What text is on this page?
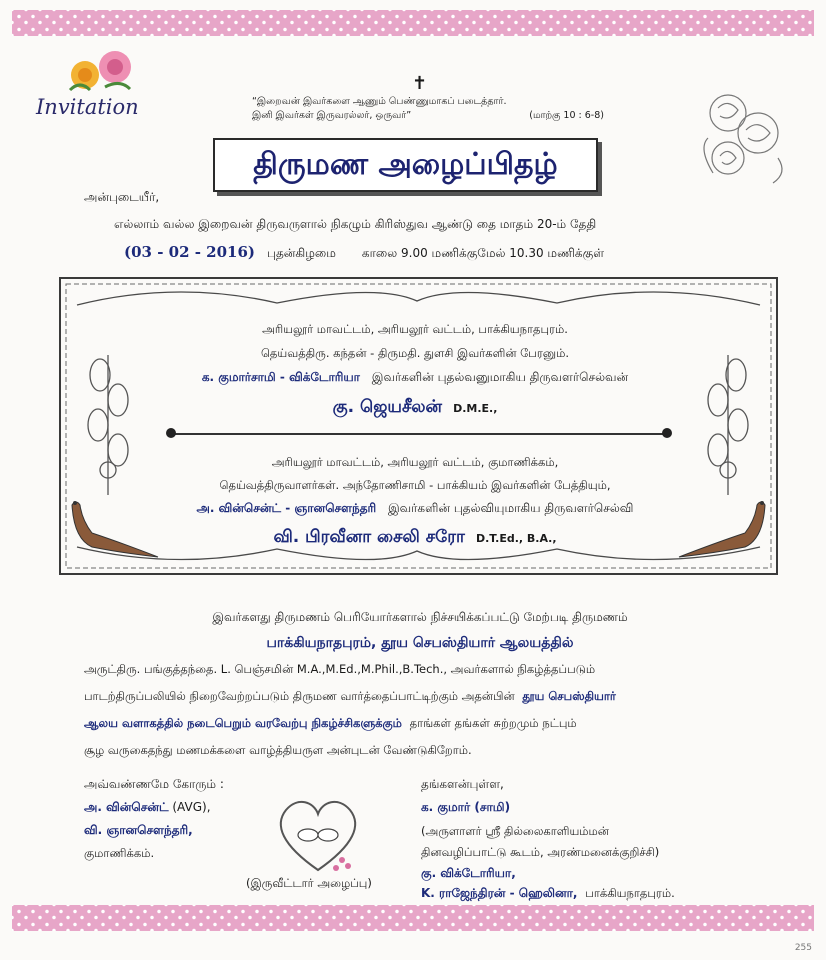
Invitation
✝
“இறைவன் இவர்களை ஆணும் பெண்ணுமாகப் படைத்தார்.
இனி இவர்கள் இருவரல்லர், ஒருவர்”	(மாற்கு 10 : 6-8)
திருமண அழைப்பிதழ்
அன்புடையீர்,
எல்லாம் வல்ல இறைவன் திருவருளால் நிகழும் கிரிஸ்துவ ஆண்டு தை மாதம் 20-ம் தேதி
(03 - 02 - 2016) புதன்கிழமை காலை 9.00 மணிக்குமேல் 10.30 மணிக்குள்
அரியலூர் மாவட்டம், அரியலூர் வட்டம், பாக்கியநாதபுரம்.
தெய்வத்திரு. கந்தன் - திருமதி. துளசி இவர்களின் பேரனும்.
க. குமார்சாமி - விக்டோரியா இவர்களின் புதல்வனுமாகிய திருவளர்செல்வன்
கு. ஜெயசீலன் D.M.E.,
அரியலூர் மாவட்டம், அரியலூர் வட்டம், குமாணிக்கம்,
தெய்வத்திருவாளர்கள். அந்தோணிசாமி - பாக்கியம் இவர்களின் பேத்தியும்,
அ. வின்சென்ட் - ஞானசௌந்தரி இவர்களின் புதல்வியுமாகிய திருவளர்செல்வி
வி. பிரவீனா சைலி சரோ D.T.Ed., B.A.,
இவர்களது திருமணம் பெரியோர்களால் நிச்சயிக்கப்பட்டு மேற்படி திருமணம்
பாக்கியநாதபுரம், தூய செபஸ்தியார் ஆலயத்தில்
அருட்திரு. பங்குத்தந்தை. L. பெஞ்சமின் M.A.,M.Ed.,M.Phil.,B.Tech., அவர்களால் நிகழ்த்தப்படும்
பாடற்திருப்பலியில் நிறைவேற்றப்படும் திருமண வார்த்தைப்பாட்டிற்கும் அதன்பின் தூய செபஸ்தியார்
ஆலய வளாகத்தில் நடைபெறும் வரவேற்பு நிகழ்ச்சிகளுக்கும் தாங்கள் தங்கள் சுற்றமும் நட்பும்
சூழ வருகைதந்து மணமக்களை வாழ்த்தியருள அன்புடன் வேண்டுகிறோம்.
அவ்வண்ணமே கோரும் :
அ. வின்சென்ட் (AVG),
வி. ஞானசௌந்தரி,
குமாணிக்கம்.
(இருவீட்டார் அழைப்பு)
தங்களன்புள்ள,
க. குமார் (சாமி)
(அருளாளர் ஸ்ரீ தில்லைகாளியம்மன்
தினவழிப்பாட்டு கூடம், அரண்மனைக்குறிச்சி)
கு. விக்டோரியா,
K. ராஜேந்திரன் - ஹெலினா, பாக்கியநாதபுரம்.
255
